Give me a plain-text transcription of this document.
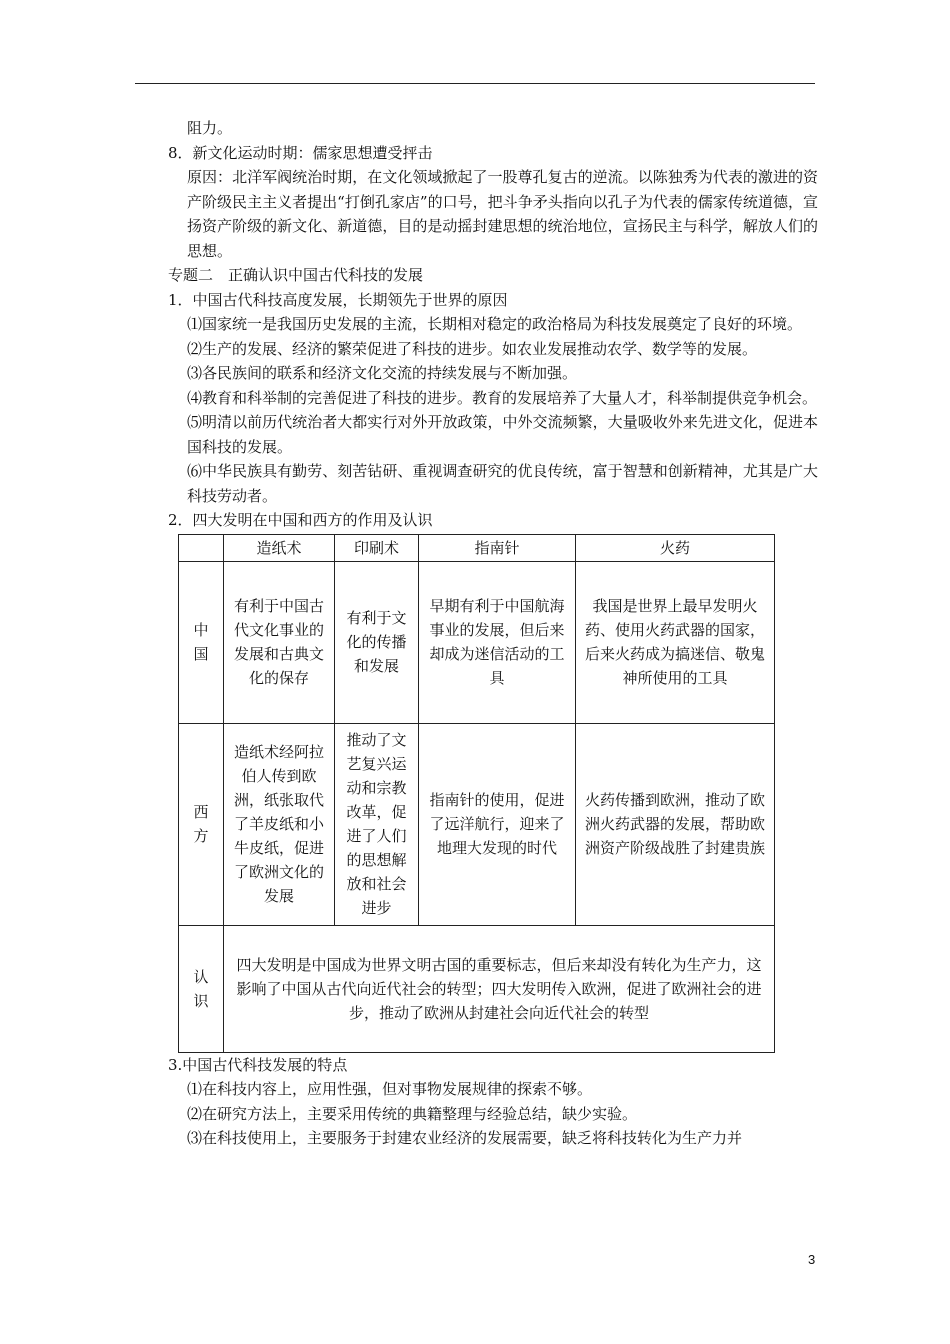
阻力。

8．新文化运动时期：儒家思想遭受抨击

原因：北洋军阀统治时期，在文化领域掀起了一股尊孔复古的逆流。以陈独秀为代表的激进的资产阶级民主主义者提出“打倒孔家店”的口号，把斗争矛头指向以孔子为代表的儒家传统道德，宣扬资产阶级的新文化、新道德，目的是动摇封建思想的统治地位，宣扬民主与科学，解放人们的思想。

专题二　正确认识中国古代科技的发展

1．中国古代科技高度发展，长期领先于世界的原因

⑴国家统一是我国历史发展的主流，长期相对稳定的政治格局为科技发展奠定了良好的环境。

⑵生产的发展、经济的繁荣促进了科技的进步。如农业发展推动农学、数学等的发展。

⑶各民族间的联系和经济文化交流的持续发展与不断加强。

⑷教育和科举制的完善促进了科技的进步。教育的发展培养了大量人才，科举制提供竞争机会。

⑸明清以前历代统治者大都实行对外开放政策，中外交流频繁，大量吸收外来先进文化，促进本国科技的发展。

⑹中华民族具有勤劳、刻苦钻研、重视调查研究的优良传统，富于智慧和创新精神，尤其是广大科技劳动者。

2．四大发明在中国和西方的作用及认识

	造纸术	印刷术	指南针	火药

中
国	有利于中国古代文化事业的发展和古典文化的保存	有利于文化的传播和发展	早期有利于中国航海事业的发展，但后来却成为迷信活动的工具	我国是世界上最早发明火药、使用火药武器的国家，后来火药成为搞迷信、敬鬼神所使用的工具

西
方	造纸术经阿拉伯人传到欧洲，纸张取代了羊皮纸和小牛皮纸，促进了欧洲文化的发展	推动了文艺复兴运动和宗教改革，促进了人们的思想解放和社会进步	指南针的使用，促进了远洋航行，迎来了地理大发现的时代	火药传播到欧洲，推动了欧洲火药武器的发展，帮助欧洲资产阶级战胜了封建贵族

认
识	四大发明是中国成为世界文明古国的重要标志，但后来却没有转化为生产力，这影响了中国从古代向近代社会的转型；四大发明传入欧洲，促进了欧洲社会的进步，推动了欧洲从封建社会向近代社会的转型			

3.中国古代科技发展的特点

⑴在科技内容上，应用性强，但对事物发展规律的探索不够。

⑵在研究方法上，主要采用传统的典籍整理与经验总结，缺少实验。

⑶在科技使用上，主要服务于封建农业经济的发展需要，缺乏将科技转化为生产力并

3
